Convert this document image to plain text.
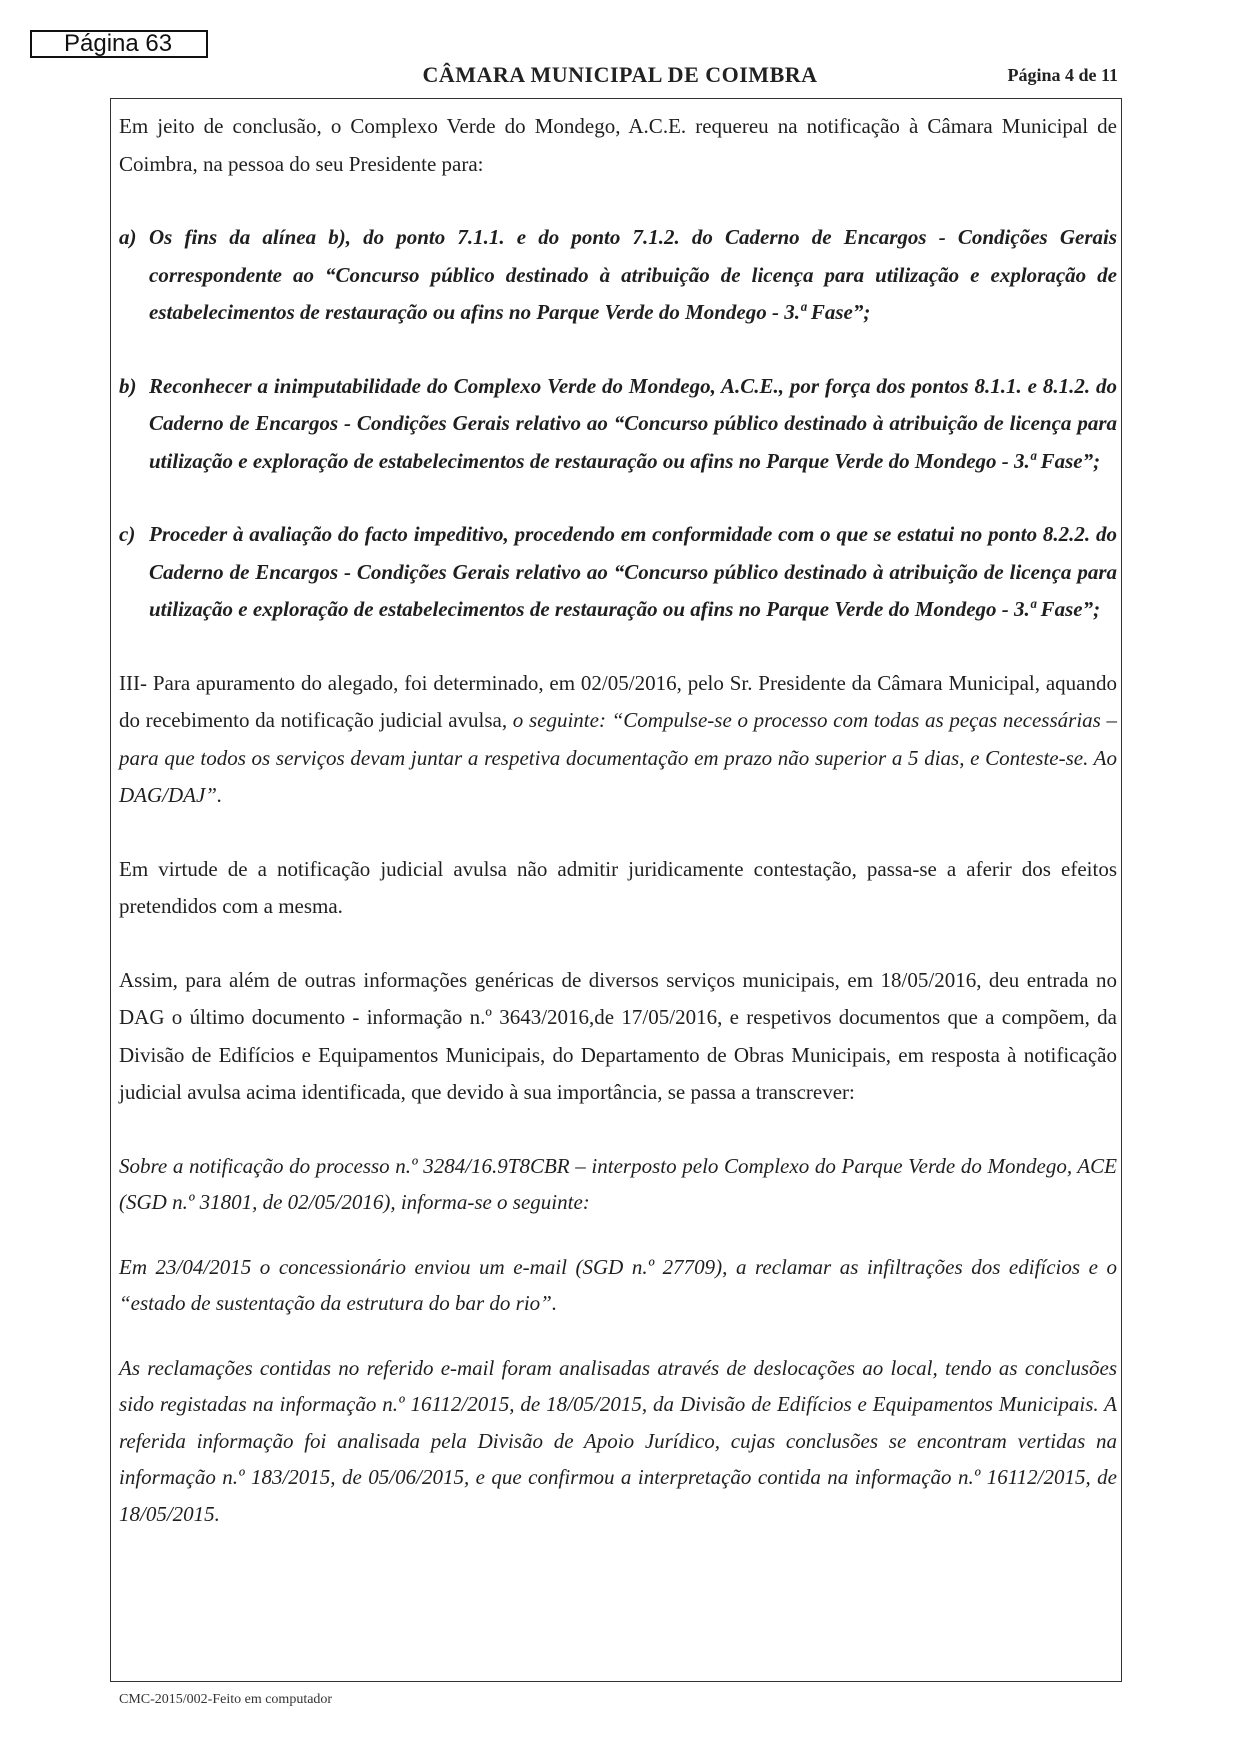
Página 63
CÂMARA MUNICIPAL DE COIMBRA	Página 4 de 11

Em jeito de conclusão, o Complexo Verde do Mondego, A.C.E. requereu na notificação à Câmara Municipal de Coimbra, na pessoa do seu Presidente para:

a) Os fins da alínea b), do ponto 7.1.1. e do ponto 7.1.2. do Caderno de Encargos - Condições Gerais correspondente ao “Concurso público destinado à atribuição de licença para utilização e exploração de estabelecimentos de restauração ou afins no Parque Verde do Mondego - 3.ª Fase”;

b) Reconhecer a inimputabilidade do Complexo Verde do Mondego, A.C.E., por força dos pontos 8.1.1. e 8.1.2. do Caderno de Encargos - Condições Gerais relativo ao “Concurso público destinado à atribuição de licença para utilização e exploração de estabelecimentos de restauração ou afins no Parque Verde do Mondego - 3.ª Fase”;

c) Proceder à avaliação do facto impeditivo, procedendo em conformidade com o que se estatui no ponto 8.2.2. do Caderno de Encargos - Condições Gerais relativo ao “Concurso público destinado à atribuição de licença para utilização e exploração de estabelecimentos de restauração ou afins no Parque Verde do Mondego - 3.ª Fase”;

III- Para apuramento do alegado, foi determinado, em 02/05/2016, pelo Sr. Presidente da Câmara Municipal, aquando do recebimento da notificação judicial avulsa, o seguinte: “Compulse-se o processo com todas as peças necessárias – para que todos os serviços devam juntar a respetiva documentação em prazo não superior a 5 dias, e Conteste-se. Ao DAG/DAJ”.

Em virtude de a notificação judicial avulsa não admitir juridicamente contestação, passa-se a aferir dos efeitos pretendidos com a mesma.

Assim, para além de outras informações genéricas de diversos serviços municipais, em 18/05/2016, deu entrada no DAG o último documento - informação n.º 3643/2016,de 17/05/2016, e respetivos documentos que a compõem, da Divisão de Edifícios e Equipamentos Municipais, do Departamento de Obras Municipais, em resposta à notificação judicial avulsa acima identificada, que devido à sua importância, se passa a transcrever:

Sobre a notificação do processo n.º 3284/16.9T8CBR – interposto pelo Complexo do Parque Verde do Mondego, ACE (SGD n.º 31801, de 02/05/2016), informa-se o seguinte:

Em 23/04/2015 o concessionário enviou um e-mail (SGD n.º 27709), a reclamar as infiltrações dos edifícios e o “estado de sustentação da estrutura do bar do rio”.

As reclamações contidas no referido e-mail foram analisadas através de deslocações ao local, tendo as conclusões sido registadas na informação n.º 16112/2015, de 18/05/2015, da Divisão de Edifícios e Equipamentos Municipais. A referida informação foi analisada pela Divisão de Apoio Jurídico, cujas conclusões se encontram vertidas na informação n.º 183/2015, de 05/06/2015, e que confirmou a interpretação contida na informação n.º 16112/2015, de 18/05/2015.

CMC-2015/002-Feito em computador
